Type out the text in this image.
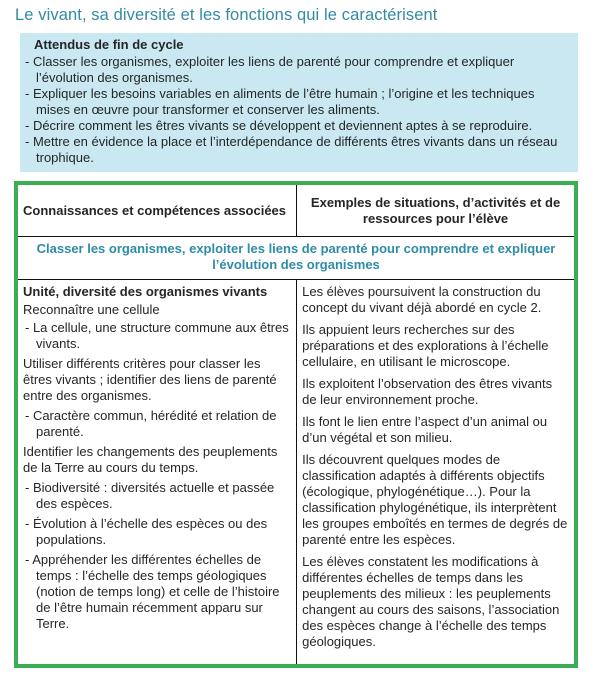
Le vivant, sa diversité et les fonctions qui le caractérisent
Attendus de fin de cycle
- Classer les organismes, exploiter les liens de parenté pour comprendre et expliquer l’évolution des organismes.
- Expliquer les besoins variables en aliments de l’être humain ; l’origine et les techniques mises en œuvre pour transformer et conserver les aliments.
- Décrire comment les êtres vivants se développent et deviennent aptes à se reproduire.
- Mettre en évidence la place et l’interdépendance de différents êtres vivants dans un réseau trophique.
Connaissances et compétences associées
Exemples de situations, d’activités et de ressources pour l’élève
Classer les organismes, exploiter les liens de parenté pour comprendre et expliquer l’évolution des organismes

Unité, diversité des organismes vivants

Reconnaître une cellule

- La cellule, une structure commune aux êtres vivants.

Utiliser différents critères pour classer les êtres vivants ; identifier des liens de parenté entre des organismes.

- Caractère commun, hérédité et relation de parenté.

Identifier les changements des peuplements de la Terre au cours du temps.

- Biodiversité : diversités actuelle et passée des espèces.

- Évolution à l’échelle des espèces ou des populations.

- Appréhender les différentes échelles de temps : l’échelle des temps géologiques (notion de temps long) et celle de l’histoire de l’être humain récemment apparu sur Terre.

Les élèves poursuivent la construction du concept du vivant déjà abordé en cycle 2.

Ils appuient leurs recherches sur des préparations et des explorations à l’échelle cellulaire, en utilisant le microscope.

Ils exploitent l’observation des êtres vivants de leur environnement proche.

Ils font le lien entre l’aspect d’un animal ou d’un végétal et son milieu.

Ils découvrent quelques modes de classification adaptés à différents objectifs (écologique, phylogénétique…). Pour la classification phylogénétique, ils interprètent les groupes emboîtés en termes de degrés de parenté entre les espèces.

Les élèves constatent les modifications à différentes échelles de temps dans les peuplements des milieux : les peuplements changent au cours des saisons, l’association des espèces change à l’échelle des temps géologiques.
